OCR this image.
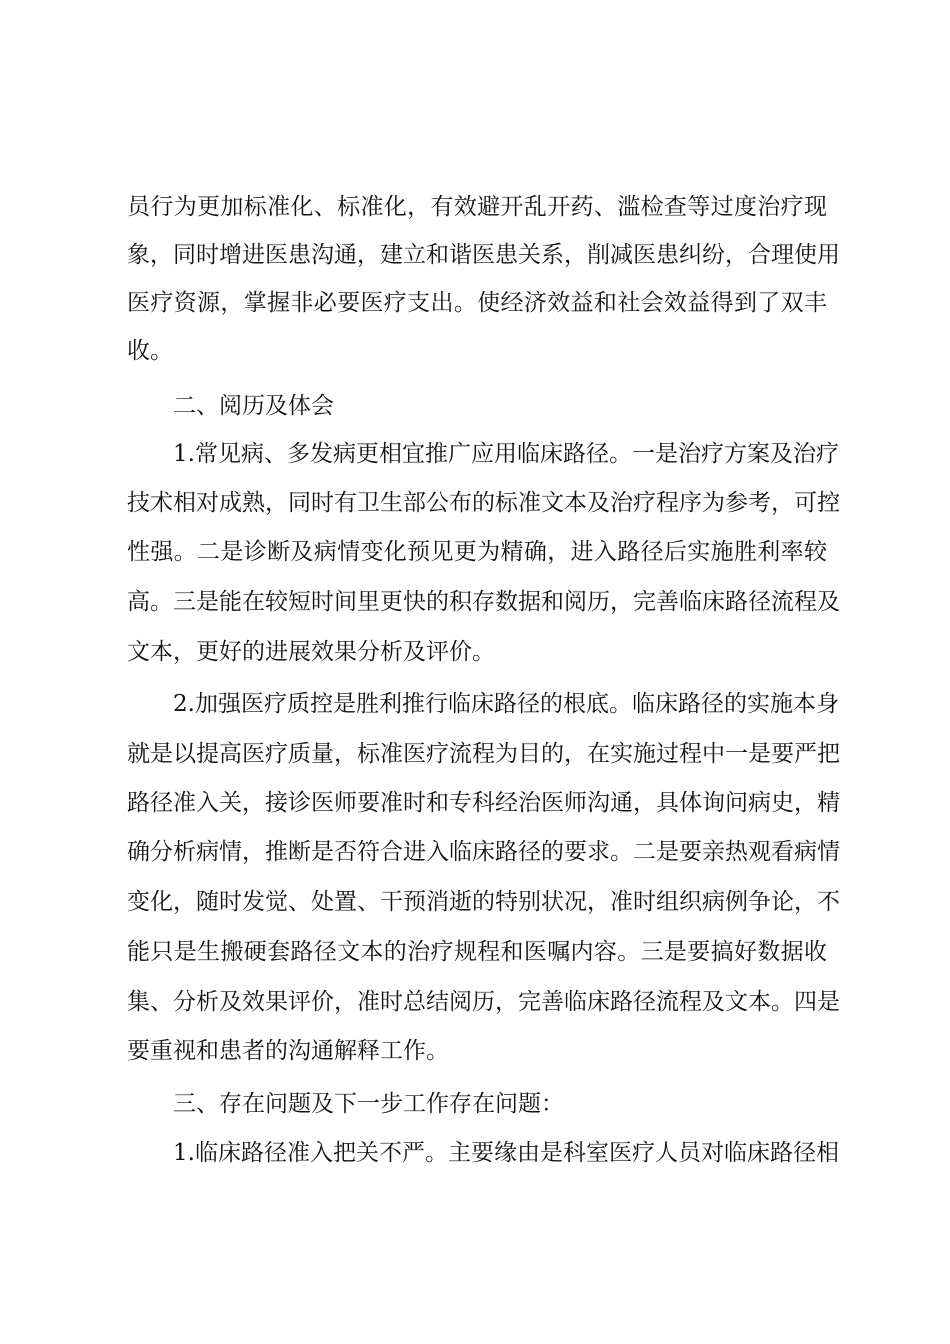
员行为更加标准化、标准化，有效避开乱开药、滥检查等过度治疗现
象，同时增进医患沟通，建立和谐医患关系，削减医患纠纷，合理使用
医疗资源，掌握非必要医疗支出。使经济效益和社会效益得到了双丰
收。
二、阅历及体会
1.常见病、多发病更相宜推广应用临床路径。一是治疗方案及治疗
技术相对成熟，同时有卫生部公布的标准文本及治疗程序为参考，可控
性强。二是诊断及病情变化预见更为精确，进入路径后实施胜利率较
高。三是能在较短时间里更快的积存数据和阅历，完善临床路径流程及
文本，更好的进展效果分析及评价。
2.加强医疗质控是胜利推行临床路径的根底。临床路径的实施本身
就是以提高医疗质量，标准医疗流程为目的，在实施过程中一是要严把
路径准入关，接诊医师要准时和专科经治医师沟通，具体询问病史，精
确分析病情，推断是否符合进入临床路径的要求。二是要亲热观看病情
变化，随时发觉、处置、干预消逝的特别状况，准时组织病例争论，不
能只是生搬硬套路径文本的治疗规程和医嘱内容。三是要搞好数据收
集、分析及效果评价，准时总结阅历，完善临床路径流程及文本。四是
要重视和患者的沟通解释工作。
三、存在问题及下一步工作存在问题：
1.临床路径准入把关不严。主要缘由是科室医疗人员对临床路径相
